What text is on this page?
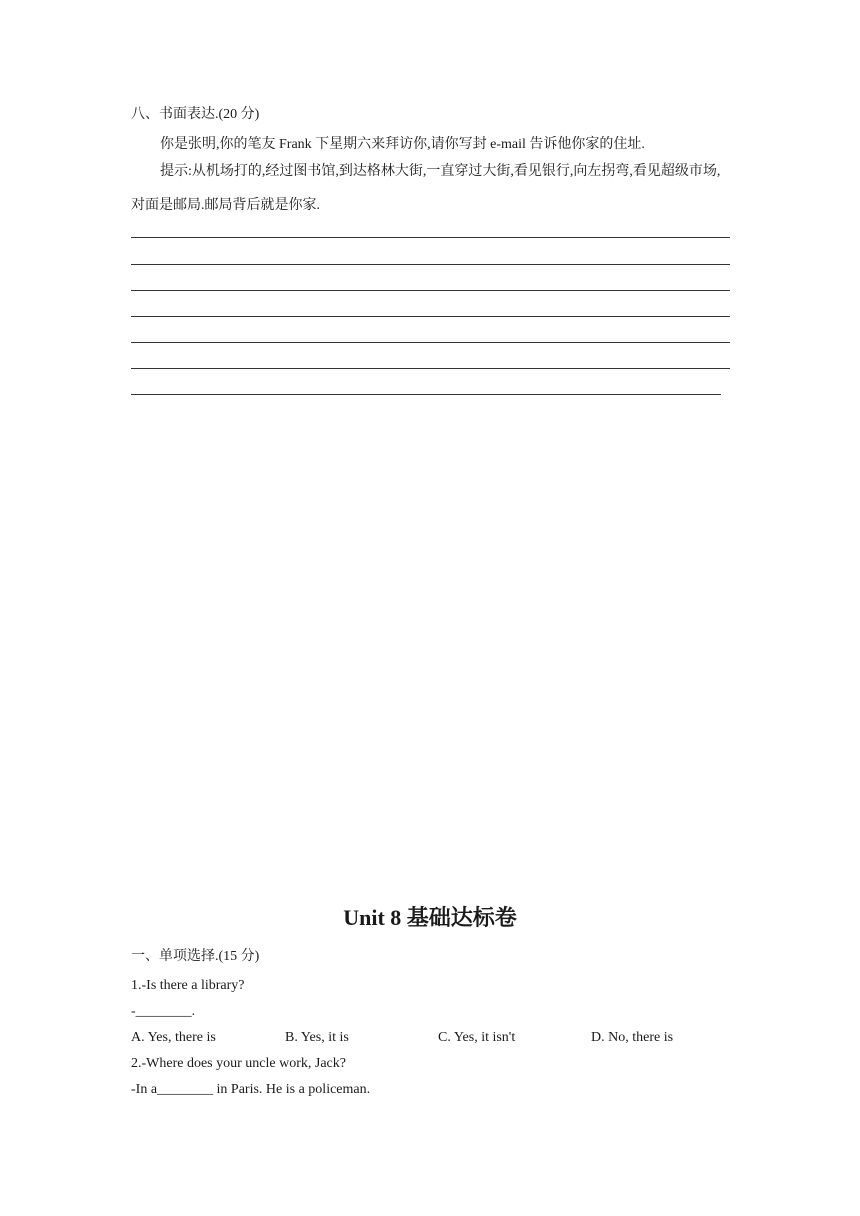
八、书面表达.(20 分)
你是张明,你的笔友 Frank 下星期六来拜访你,请你写封 e-mail 告诉他你家的住址.
提示:从机场打的,经过图书馆,到达格林大街,一直穿过大街,看见银行,向左拐弯,看见超级市场,对面是邮局.邮局背后就是你家.
Unit 8 基础达标卷
一、单项选择.(15 分)
1.-Is there a library?
-________.
A. Yes, there is	B. Yes, it is	C. Yes, it isn't	D. No, there is
2.-Where does your uncle work, Jack?
-In a________ in Paris. He is a policeman.
